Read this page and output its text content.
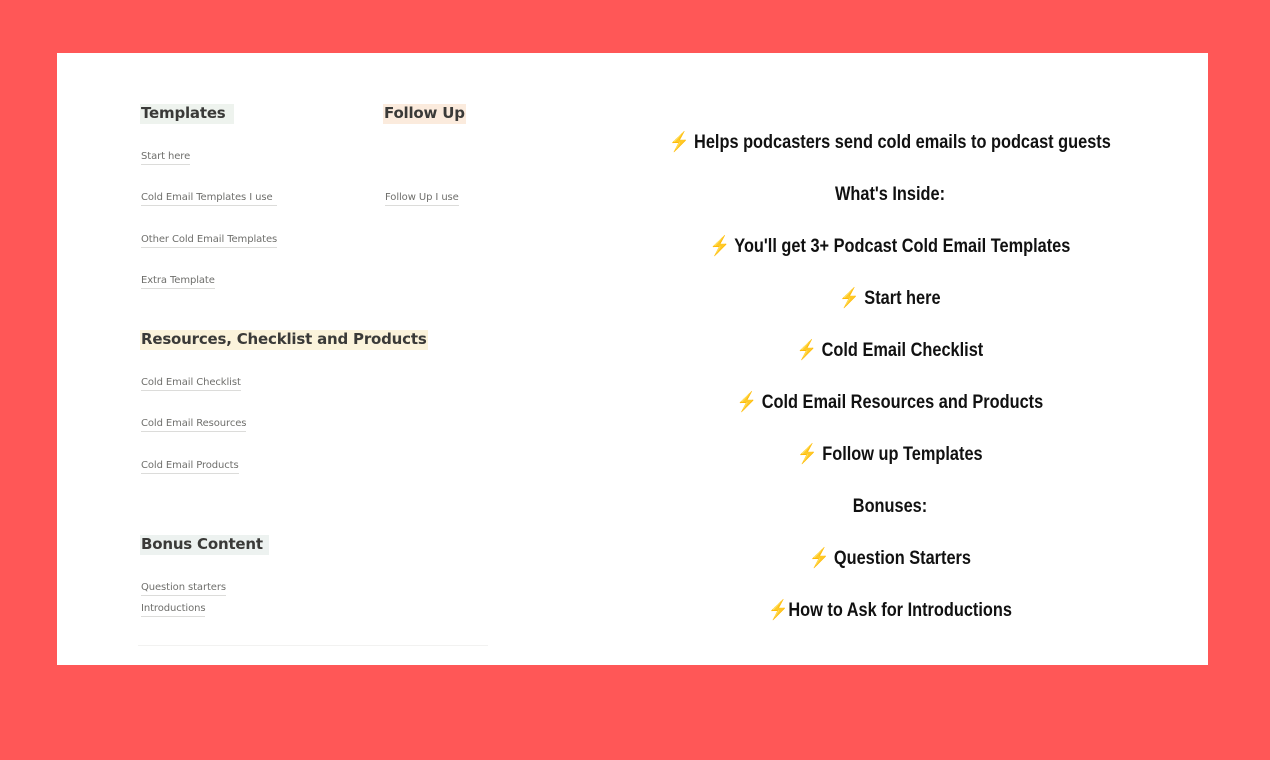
Templates	Follow Up
Start here
Cold Email Templates I use	Follow Up I use
Other Cold Email Templates
Extra Template
Resources, Checklist and Products
Cold Email Checklist
Cold Email Resources
Cold Email Products
Bonus Content
Question starters
Introductions
⚡ Helps podcasters send cold emails to podcast guests
What's Inside:
⚡ You'll get 3+ Podcast Cold Email Templates
⚡ Start here
⚡ Cold Email Checklist
⚡ Cold Email Resources and Products
⚡ Follow up Templates
Bonuses:
⚡ Question Starters
⚡How to Ask for Introductions
